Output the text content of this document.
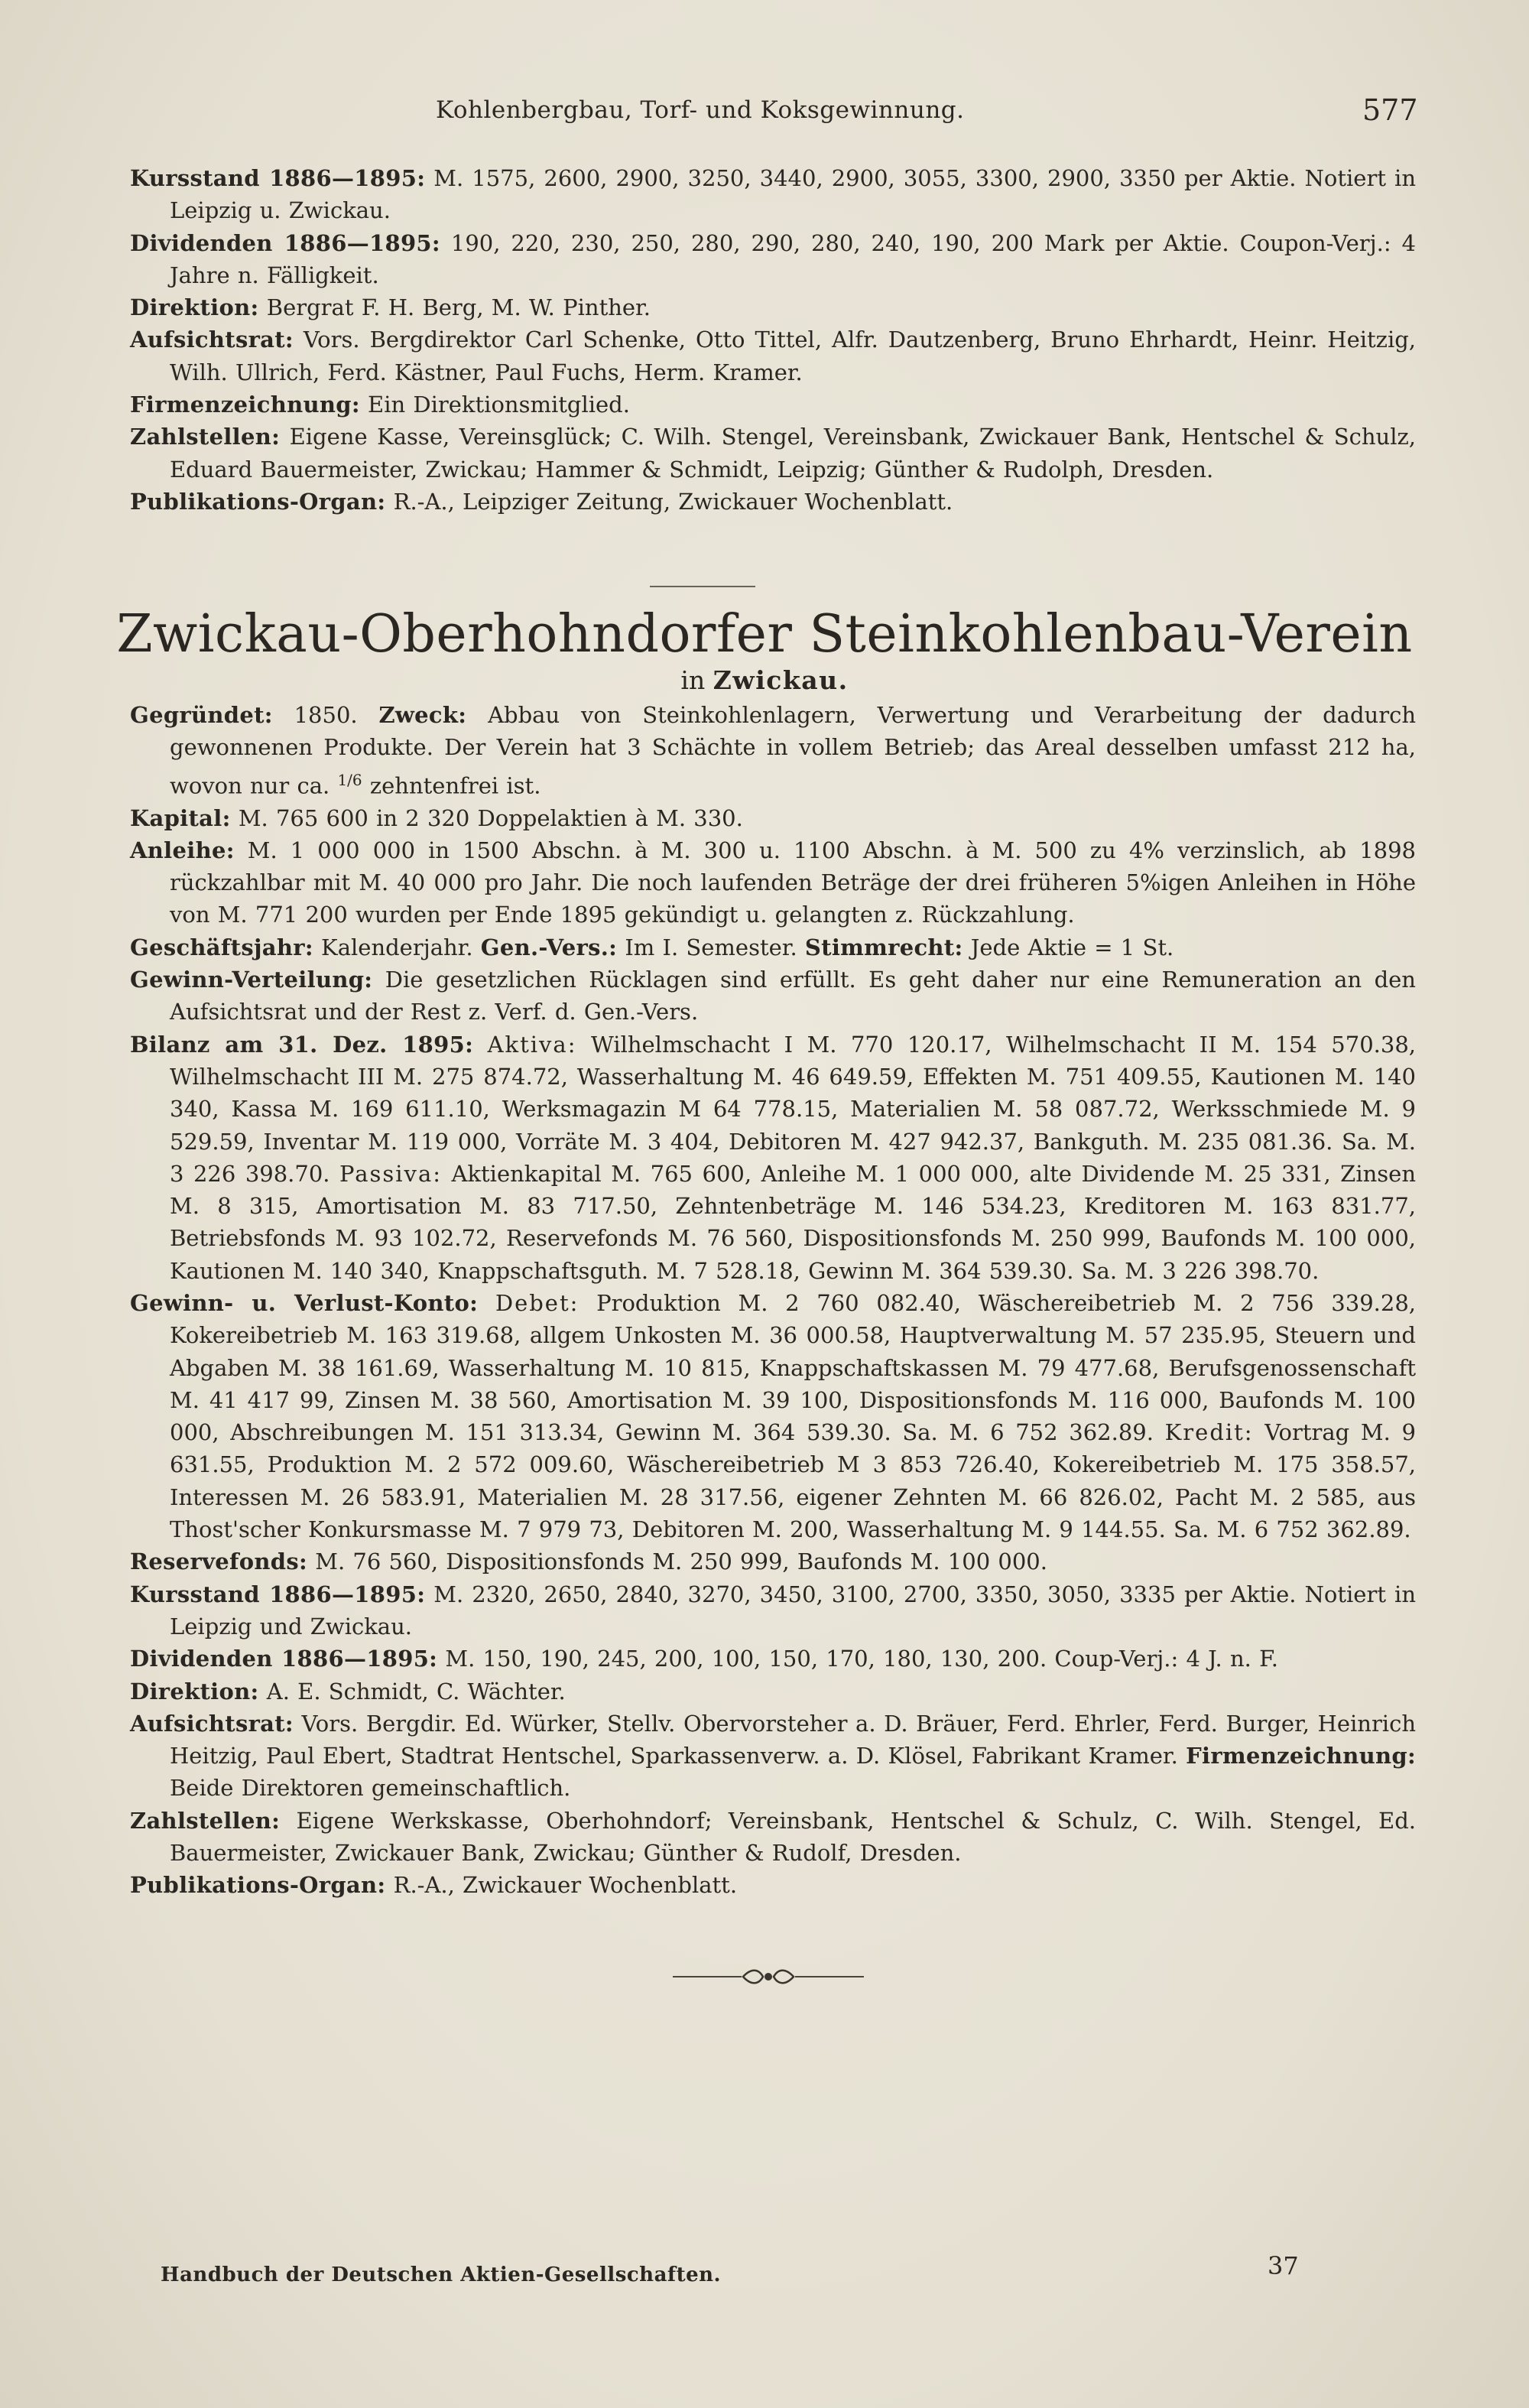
Kohlenbergbau, Torf- und Koksgewinnung.	577
Kursstand 1886—1895: M. 1575, 2600, 2900, 3250, 3440, 2900, 3055, 3300, 2900, 3350 per Aktie. Notiert in Leipzig u. Zwickau.
Dividenden 1886—1895: 190, 220, 230, 250, 280, 290, 280, 240, 190, 200 Mark per Aktie. Coupon-Verj.: 4 Jahre n. Fälligkeit.
Direktion: Bergrat F. H. Berg, M. W. Pinther.
Aufsichtsrat: Vors. Bergdirektor Carl Schenke, Otto Tittel, Alfr. Dautzenberg, Bruno Ehrhardt, Heinr. Heitzig, Wilh. Ullrich, Ferd. Kästner, Paul Fuchs, Herm. Kramer.
Firmenzeichnung: Ein Direktionsmitglied.
Zahlstellen: Eigene Kasse, Vereinsglück; C. Wilh. Stengel, Vereinsbank, Zwickauer Bank, Hentschel & Schulz, Eduard Bauermeister, Zwickau; Hammer & Schmidt, Leipzig; Günther & Rudolph, Dresden.
Publikations-Organ: R.-A., Leipziger Zeitung, Zwickauer Wochenblatt.
Zwickau-Oberhohndorfer Steinkohlenbau-Verein
in Zwickau.
Gegründet: 1850. Zweck: Abbau von Steinkohlenlagern, Verwertung und Verarbeitung der dadurch gewonnenen Produkte. Der Verein hat 3 Schächte in vollem Betrieb; das Areal desselben umfasst 212 ha, wovon nur ca. $^{1/6}$ zehntenfrei ist.
Kapital: M. 765 600 in 2 320 Doppelaktien à M. 330.
Anleihe: M. 1 000 000 in 1500 Abschn. à M. 300 u. 1100 Abschn. à M. 500 zu 4% verzinslich, ab 1898 rückzahlbar mit M. 40 000 pro Jahr. Die noch laufenden Beträge der drei früheren 5%igen Anleihen in Höhe von M. 771 200 wurden per Ende 1895 gekündigt u. gelangten z. Rückzahlung.
Geschäftsjahr: Kalenderjahr. Gen.-Vers.: Im I. Semester. Stimmrecht: Jede Aktie = 1 St.
Gewinn-Verteilung: Die gesetzlichen Rücklagen sind erfüllt. Es geht daher nur eine Remuneration an den Aufsichtsrat und der Rest z. Verf. d. Gen.-Vers.
Bilanz am 31. Dez. 1895: Aktiva: Wilhelmschacht I M. 770 120.17, Wilhelmschacht II M. 154 570.38, Wilhelmschacht III M. 275 874.72, Wasserhaltung M. 46 649.59, Effekten M. 751 409.55, Kautionen M. 140 340, Kassa M. 169 611.10, Werksmagazin M 64 778.15, Materialien M. 58 087.72, Werksschmiede M. 9 529.59, Inventar M. 119 000, Vorräte M. 3 404, Debitoren M. 427 942.37, Bankguth. M. 235 081.36. Sa. M. 3 226 398.70. Passiva: Aktienkapital M. 765 600, Anleihe M. 1 000 000, alte Dividende M. 25 331, Zinsen M. 8 315, Amortisation M. 83 717.50, Zehntenbeträge M. 146 534.23, Kreditoren M. 163 831.77, Betriebsfonds M. 93 102.72, Reservefonds M. 76 560, Dispositionsfonds M. 250 999, Baufonds M. 100 000, Kautionen M. 140 340, Knappschaftsguth. M. 7 528.18, Gewinn M. 364 539.30. Sa. M. 3 226 398.70.
Gewinn- u. Verlust-Konto: Debet: Produktion M. 2 760 082.40, Wäschereibetrieb M. 2 756 339.28, Kokereibetrieb M. 163 319.68, allgem Unkosten M. 36 000.58, Hauptverwaltung M. 57 235.95, Steuern und Abgaben M. 38 161.69, Wasserhaltung M. 10 815, Knappschaftskassen M. 79 477.68, Berufsgenossenschaft M. 41 417 99, Zinsen M. 38 560, Amortisation M. 39 100, Dispositionsfonds M. 116 000, Baufonds M. 100 000, Abschreibungen M. 151 313.34, Gewinn M. 364 539.30. Sa. M. 6 752 362.89. Kredit: Vortrag M. 9 631.55, Produktion M. 2 572 009.60, Wäschereibetrieb M 3 853 726.40, Kokereibetrieb M. 175 358.57, Interessen M. 26 583.91, Materialien M. 28 317.56, eigener Zehnten M. 66 826.02, Pacht M. 2 585, aus Thost'scher Konkursmasse M. 7 979 73, Debitoren M. 200, Wasserhaltung M. 9 144.55. Sa. M. 6 752 362.89.
Reservefonds: M. 76 560, Dispositionsfonds M. 250 999, Baufonds M. 100 000.
Kursstand 1886—1895: M. 2320, 2650, 2840, 3270, 3450, 3100, 2700, 3350, 3050, 3335 per Aktie. Notiert in Leipzig und Zwickau.
Dividenden 1886—1895: M. 150, 190, 245, 200, 100, 150, 170, 180, 130, 200. Coup-Verj.: 4 J. n. F.
Direktion: A. E. Schmidt, C. Wächter.
Aufsichtsrat: Vors. Bergdir. Ed. Würker, Stellv. Obervorsteher a. D. Bräuer, Ferd. Ehrler, Ferd. Burger, Heinrich Heitzig, Paul Ebert, Stadtrat Hentschel, Sparkassenverw. a. D. Klösel, Fabrikant Kramer. Firmenzeichnung: Beide Direktoren gemeinschaftlich.
Zahlstellen: Eigene Werkskasse, Oberhohndorf; Vereinsbank, Hentschel & Schulz, C. Wilh. Stengel, Ed. Bauermeister, Zwickauer Bank, Zwickau; Günther & Rudolf, Dresden.
Publikations-Organ: R.-A., Zwickauer Wochenblatt.
Handbuch der Deutschen Aktien-Gesellschaften.	37
